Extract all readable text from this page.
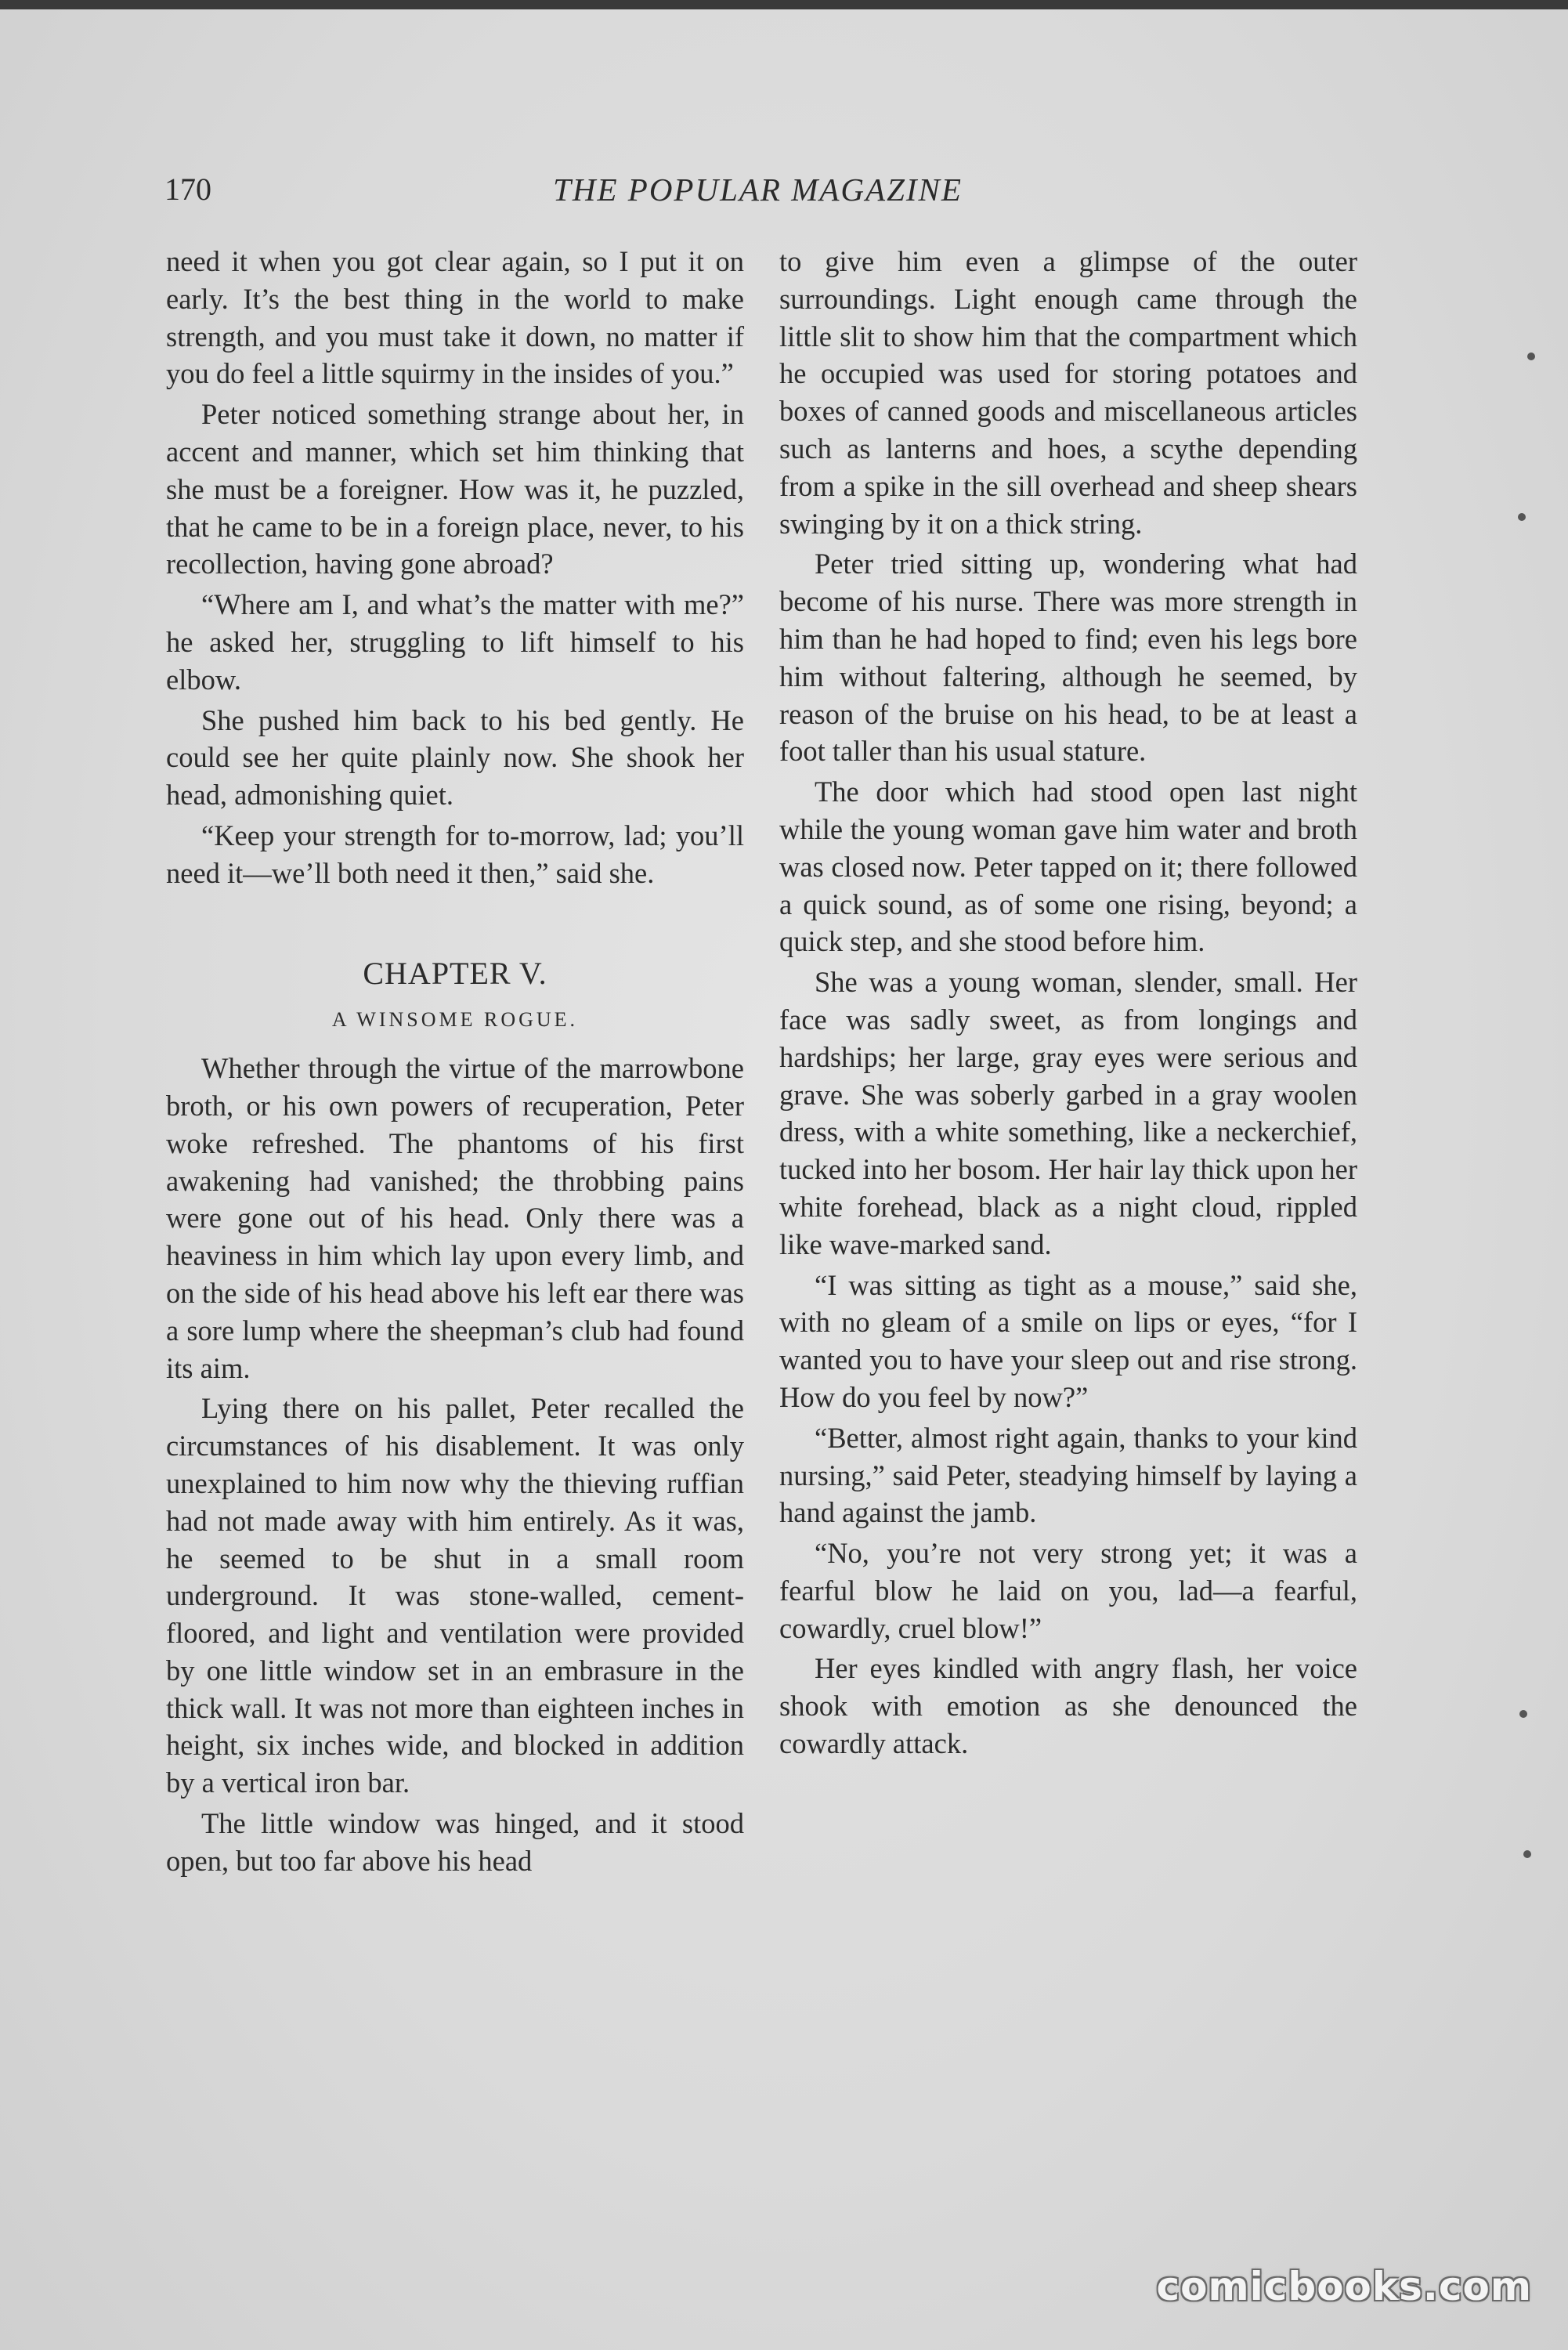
170	THE POPULAR MAGAZINE

need it when you got clear again, so I put it on early. It’s the best thing in the world to make strength, and you must take it down, no matter if you do feel a little squirmy in the insides of you.”

Peter noticed something strange about her, in accent and manner, which set him thinking that she must be a foreigner. How was it, he puzzled, that he came to be in a foreign place, never, to his recollection, having gone abroad?

“Where am I, and what’s the matter with me?” he asked her, struggling to lift himself to his elbow.

She pushed him back to his bed gently. He could see her quite plainly now. She shook her head, admonishing quiet.

“Keep your strength for to-morrow, lad; you’ll need it—we’ll both need it then,” said she.

CHAPTER V.
A WINSOME ROGUE.

Whether through the virtue of the marrowbone broth, or his own powers of recuperation, Peter woke refreshed. The phantoms of his first awakening had vanished; the throbbing pains were gone out of his head. Only there was a heaviness in him which lay upon every limb, and on the side of his head above his left ear there was a sore lump where the sheepman’s club had found its aim.

Lying there on his pallet, Peter recalled the circumstances of his disablement. It was only unexplained to him now why the thieving ruffian had not made away with him entirely. As it was, he seemed to be shut in a small room underground. It was stone-walled, cement-floored, and light and ventilation were provided by one little window set in an embrasure in the thick wall. It was not more than eighteen inches in height, six inches wide, and blocked in addition by a vertical iron bar.

The little window was hinged, and it stood open, but too far above his head

to give him even a glimpse of the outer surroundings. Light enough came through the little slit to show him that the compartment which he occupied was used for storing potatoes and boxes of canned goods and miscellaneous articles such as lanterns and hoes, a scythe depending from a spike in the sill overhead and sheep shears swinging by it on a thick string.

Peter tried sitting up, wondering what had become of his nurse. There was more strength in him than he had hoped to find; even his legs bore him without faltering, although he seemed, by reason of the bruise on his head, to be at least a foot taller than his usual stature.

The door which had stood open last night while the young woman gave him water and broth was closed now. Peter tapped on it; there followed a quick sound, as of some one rising, beyond; a quick step, and she stood before him.

She was a young woman, slender, small. Her face was sadly sweet, as from longings and hardships; her large, gray eyes were serious and grave. She was soberly garbed in a gray woolen dress, with a white something, like a neckerchief, tucked into her bosom. Her hair lay thick upon her white forehead, black as a night cloud, rippled like wave-marked sand.

“I was sitting as tight as a mouse,” said she, with no gleam of a smile on lips or eyes, “for I wanted you to have your sleep out and rise strong. How do you feel by now?”

“Better, almost right again, thanks to your kind nursing,” said Peter, steadying himself by laying a hand against the jamb.

“No, you’re not very strong yet; it was a fearful blow he laid on you, lad—a fearful, cowardly, cruel blow!”

Her eyes kindled with angry flash, her voice shook with emotion as she denounced the cowardly attack.

comicbooks.com
